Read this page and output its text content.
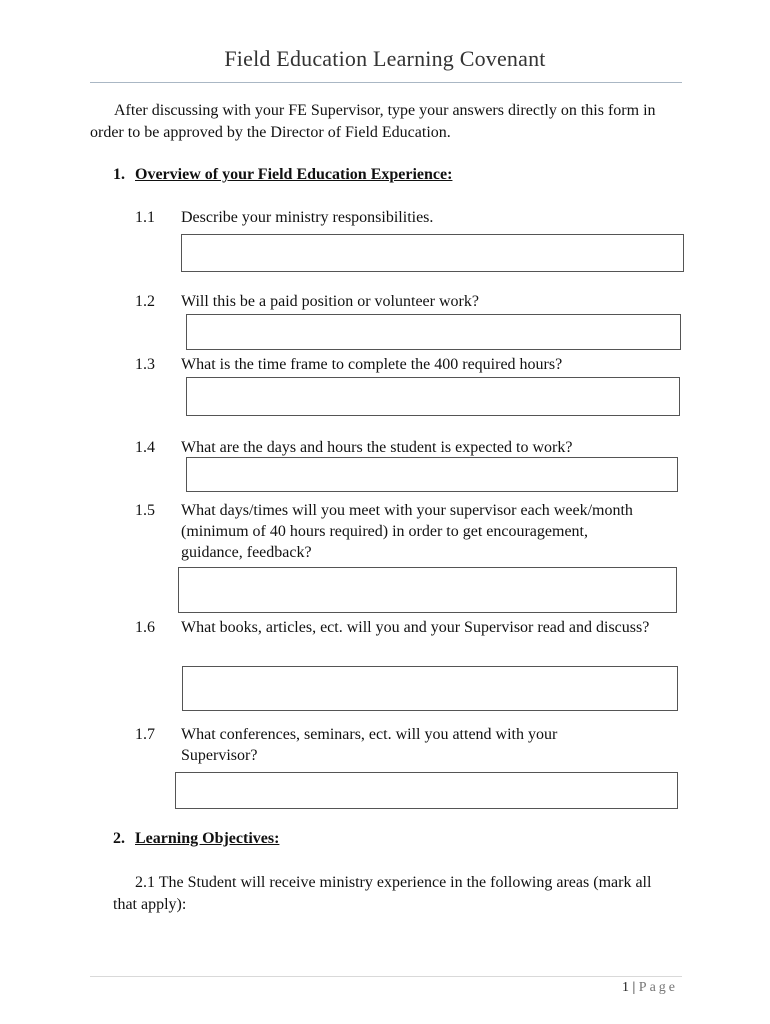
Field Education Learning Covenant
After discussing with your FE Supervisor, type your answers directly on this form in order to be approved by the Director of Field Education.
1. Overview of your Field Education Experience:
1.1	Describe your ministry responsibilities.
1.2	Will this be a paid position or volunteer work?
1.3	What is the time frame to complete the 400 required hours?
1.4	What are the days and hours the student is expected to work?
1.5	What days/times will you meet with your supervisor each week/month (minimum of 40 hours required) in order to get encouragement, guidance, feedback?
1.6	What books, articles, ect. will you and your Supervisor read and discuss?
1.7	What conferences, seminars, ect. will you attend with your Supervisor?
2. Learning Objectives:
2.1 The Student will receive ministry experience in the following areas (mark all that apply):
1 | Page
